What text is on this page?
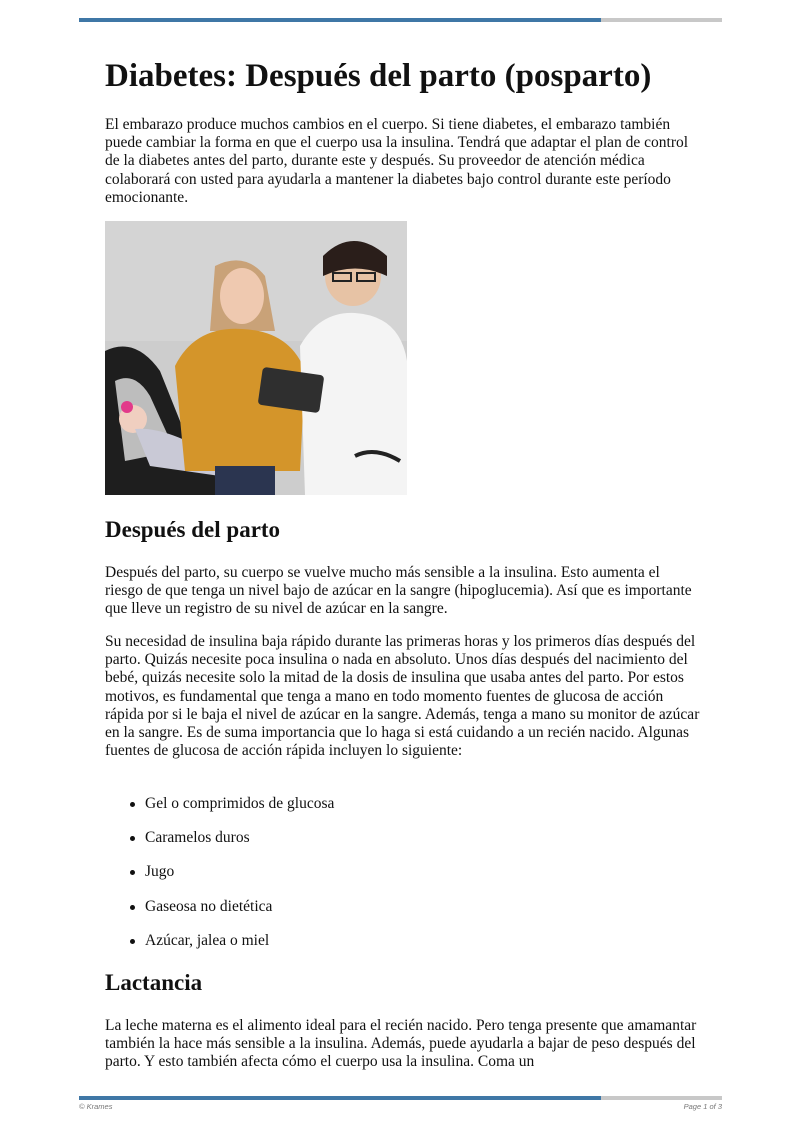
Diabetes: Después del parto (posparto)

El embarazo produce muchos cambios en el cuerpo. Si tiene diabetes, el embarazo también puede cambiar la forma en que el cuerpo usa la insulina. Tendrá que adaptar el plan de control de la diabetes antes del parto, durante este y después. Su proveedor de atención médica colaborará con usted para ayudarla a mantener la diabetes bajo control durante este período emocionante.

Después del parto

Después del parto, su cuerpo se vuelve mucho más sensible a la insulina. Esto aumenta el riesgo de que tenga un nivel bajo de azúcar en la sangre (hipoglucemia). Así que es importante que lleve un registro de su nivel de azúcar en la sangre.

Su necesidad de insulina baja rápido durante las primeras horas y los primeros días después del parto. Quizás necesite poca insulina o nada en absoluto. Unos días después del nacimiento del bebé, quizás necesite solo la mitad de la dosis de insulina que usaba antes del parto. Por estos motivos, es fundamental que tenga a mano en todo momento fuentes de glucosa de acción rápida por si le baja el nivel de azúcar en la sangre. Además, tenga a mano su monitor de azúcar en la sangre. Es de suma importancia que lo haga si está cuidando a un recién nacido. Algunas fuentes de glucosa de acción rápida incluyen lo siguiente:

Gel o comprimidos de glucosa
Caramelos duros
Jugo
Gaseosa no dietética
Azúcar, jalea o miel
Lactancia

La leche materna es el alimento ideal para el recién nacido. Pero tenga presente que amamantar también la hace más sensible a la insulina. Además, puede ayudarla a bajar de peso después del parto. Y esto también afecta cómo el cuerpo usa la insulina. Coma un

© Krames	Page 1 of 3
